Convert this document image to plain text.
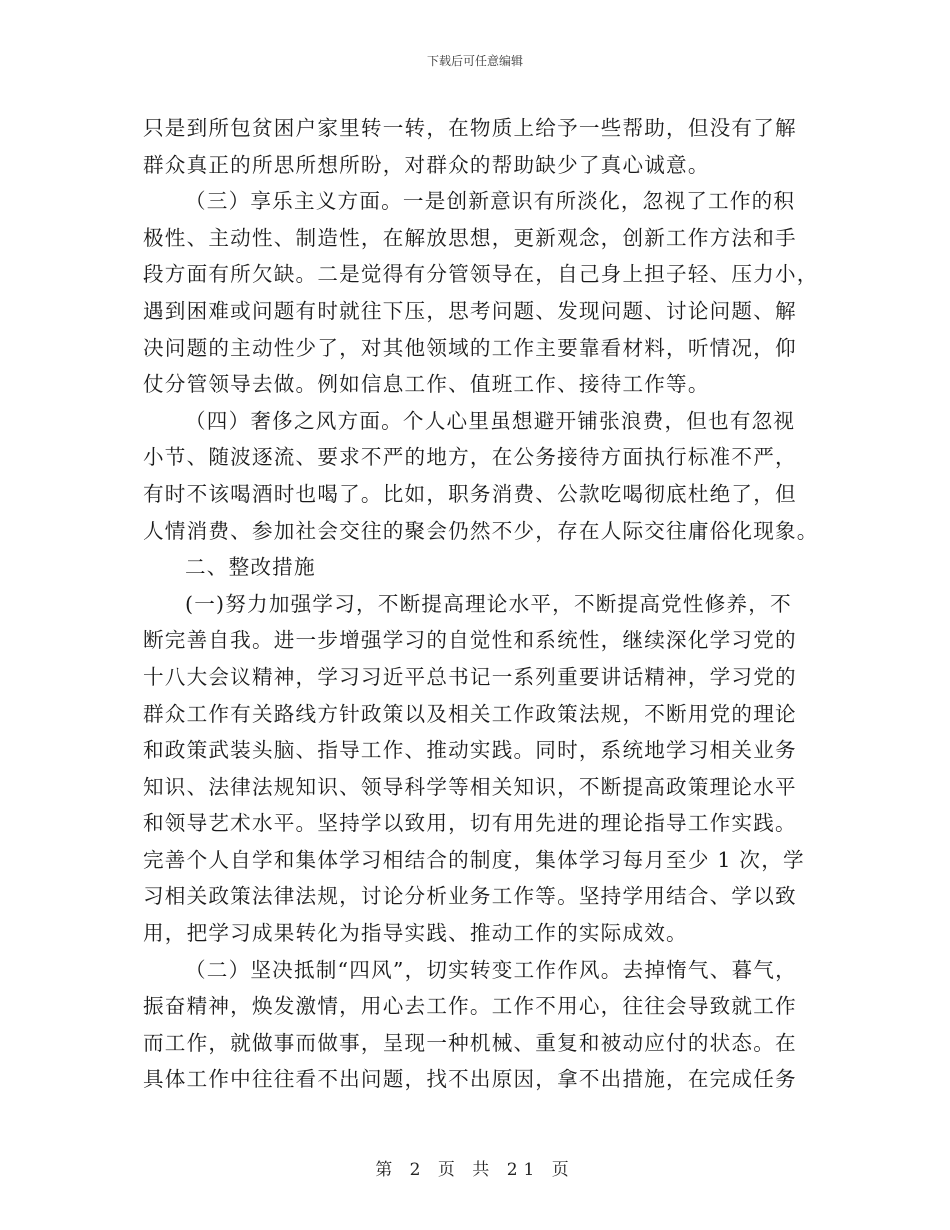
下载后可任意编辑
只是到所包贫困户家里转一转，在物质上给予一些帮助，但没有了解
群众真正的所思所想所盼，对群众的帮助缺少了真心诚意。
（三）享乐主义方面。一是创新意识有所淡化，忽视了工作的积
极性、主动性、制造性，在解放思想，更新观念，创新工作方法和手
段方面有所欠缺。二是觉得有分管领导在，自己身上担子轻、压力小，
遇到困难或问题有时就往下压，思考问题、发现问题、讨论问题、解
决问题的主动性少了，对其他领域的工作主要靠看材料，听情况，仰
仗分管领导去做。例如信息工作、值班工作、接待工作等。
（四）奢侈之风方面。个人心里虽想避开铺张浪费，但也有忽视
小节、随波逐流、要求不严的地方，在公务接待方面执行标准不严，
有时不该喝酒时也喝了。比如，职务消费、公款吃喝彻底杜绝了，但
人情消费、参加社会交往的聚会仍然不少，存在人际交往庸俗化现象。
二、整改措施
(一)努力加强学习，不断提高理论水平，不断提高党性修养，不
断完善自我。进一步增强学习的自觉性和系统性，继续深化学习党的
十八大会议精神，学习习近平总书记一系列重要讲话精神，学习党的
群众工作有关路线方针政策以及相关工作政策法规，不断用党的理论
和政策武装头脑、指导工作、推动实践。同时，系统地学习相关业务
知识、法律法规知识、领导科学等相关知识，不断提高政策理论水平
和领导艺术水平。坚持学以致用，切有用先进的理论指导工作实践。
完善个人自学和集体学习相结合的制度，集体学习每月至少 1 次，学
习相关政策法律法规，讨论分析业务工作等。坚持学用结合、学以致
用，把学习成果转化为指导实践、推动工作的实际成效。
（二）坚决抵制“四风”，切实转变工作作风。去掉惰气、暮气，
振奋精神，焕发激情，用心去工作。工作不用心，往往会导致就工作
而工作，就做事而做事，呈现一种机械、重复和被动应付的状态。在
具体工作中往往看不出问题，找不出原因，拿不出措施，在完成任务
第 2 页 共 21 页
